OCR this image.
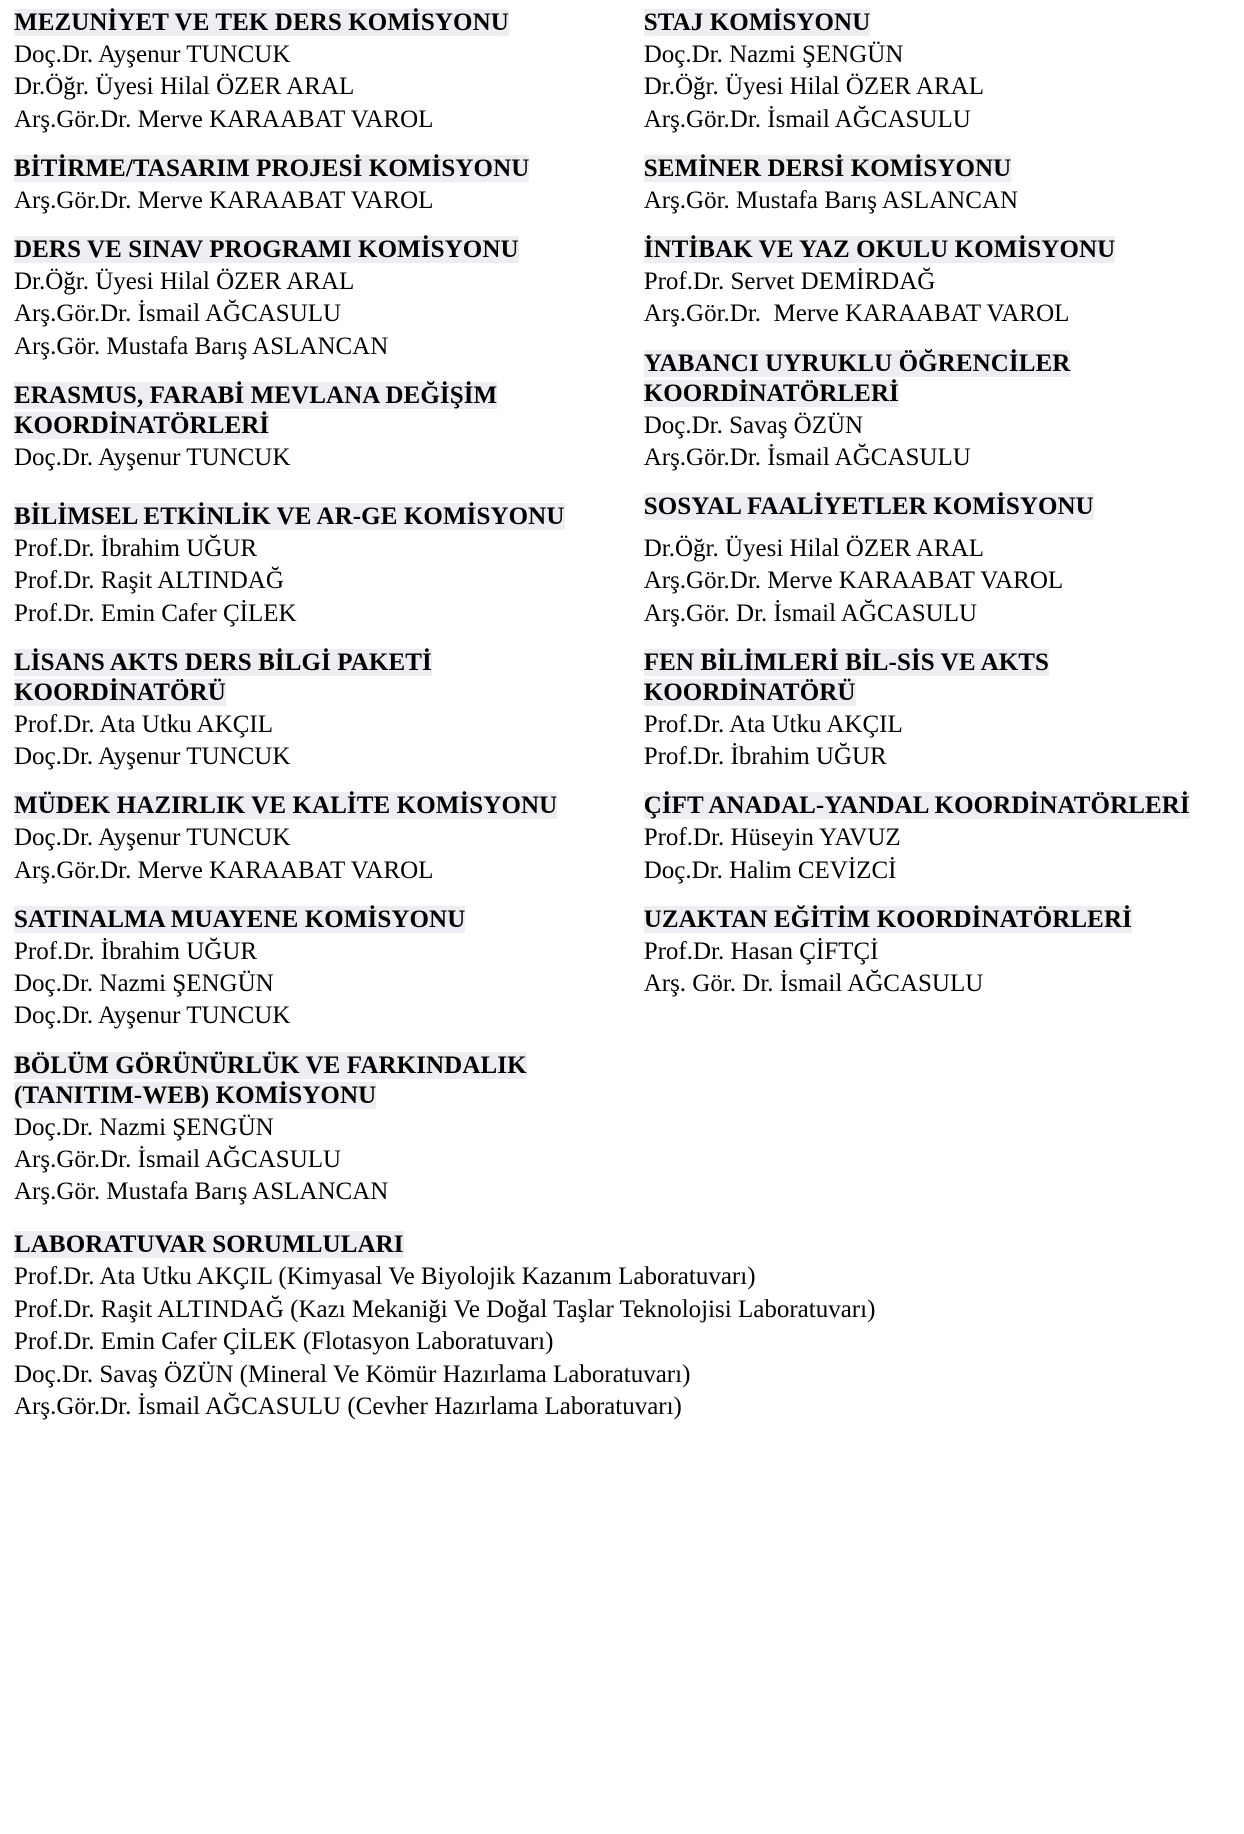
MEZUNİYET VE TEK DERS KOMİSYONU
Doç.Dr. Ayşenur TUNCUK
Dr.Öğr. Üyesi Hilal ÖZER ARAL
Arş.Gör.Dr. Merve KARAABAT VAROL
BİTİRME/TASARIM PROJESİ KOMİSYONU
Arş.Gör.Dr. Merve KARAABAT VAROL
DERS VE SINAV PROGRAMI KOMİSYONU
Dr.Öğr. Üyesi Hilal ÖZER ARAL
Arş.Gör.Dr. İsmail AĞCASULU
Arş.Gör. Mustafa Barış ASLANCAN
ERASMUS, FARABİ MEVLANA DEĞİŞİM KOORDİNATÖRLERİ
Doç.Dr. Ayşenur TUNCUK
BİLİMSEL ETKİNLİK VE AR-GE KOMİSYONU
Prof.Dr. İbrahim UĞUR
Prof.Dr. Raşit ALTINDAĞ
Prof.Dr. Emin Cafer ÇİLEK
LİSANS AKTS DERS BİLGİ PAKETİ KOORDİNATÖRÜ
Prof.Dr. Ata Utku AKÇIL
Doç.Dr. Ayşenur TUNCUK
MÜDEK HAZIRLIK VE KALİTE KOMİSYONU
Doç.Dr. Ayşenur TUNCUK
Arş.Gör.Dr. Merve KARAABAT VAROL
SATINALMA MUAYENE KOMİSYONU
Prof.Dr. İbrahim UĞUR
Doç.Dr. Nazmi ŞENGÜN
Doç.Dr. Ayşenur TUNCUK
BÖLÜM GÖRÜNÜRLÜK VE FARKINDALIK (TANITIM-WEB) KOMİSYONU
Doç.Dr. Nazmi ŞENGÜN
Arş.Gör.Dr. İsmail AĞCASULU
Arş.Gör. Mustafa Barış ASLANCAN
STAJ KOMİSYONU
Doç.Dr. Nazmi ŞENGÜN
Dr.Öğr. Üyesi Hilal ÖZER ARAL
Arş.Gör.Dr. İsmail AĞCASULU
SEMİNER DERSİ KOMİSYONU
Arş.Gör. Mustafa Barış ASLANCAN
İNTİBAK VE YAZ OKULU KOMİSYONU
Prof.Dr. Servet DEMİRDAĞ
Arş.Gör.Dr.  Merve KARAABAT VAROL
YABANCI UYRUKLU ÖĞRENCİLER KOORDİNATÖRLERİ
Doç.Dr. Savaş ÖZÜN
Arş.Gör.Dr. İsmail AĞCASULU
SOSYAL FAALİYETLER KOMİSYONU
Dr.Öğr. Üyesi Hilal ÖZER ARAL
Arş.Gör.Dr. Merve KARAABAT VAROL
Arş.Gör. Dr. İsmail AĞCASULU
FEN BİLİMLERİ BİL-SİS VE AKTS KOORDİNATÖRÜ
Prof.Dr. Ata Utku AKÇIL
Prof.Dr. İbrahim UĞUR
ÇİFT ANADAL-YANDAL KOORDİNATÖRLERİ
Prof.Dr. Hüseyin YAVUZ
Doç.Dr. Halim CEVİZCİ
UZAKTAN EĞİTİM KOORDİNATÖRLERİ
Prof.Dr. Hasan ÇİFTÇİ
Arş. Gör. Dr. İsmail AĞCASULU
LABORATUVAR SORUMLULARI
Prof.Dr. Ata Utku AKÇIL (Kimyasal Ve Biyolojik Kazanım Laboratuvarı)
Prof.Dr. Raşit ALTINDAĞ (Kazı Mekaniği Ve Doğal Taşlar Teknolojisi Laboratuvarı)
Prof.Dr. Emin Cafer ÇİLEK (Flotasyon Laboratuvarı)
Doç.Dr. Savaş ÖZÜN (Mineral Ve Kömür Hazırlama Laboratuvarı)
Arş.Gör.Dr. İsmail AĞCASULU (Cevher Hazırlama Laboratuvarı)
